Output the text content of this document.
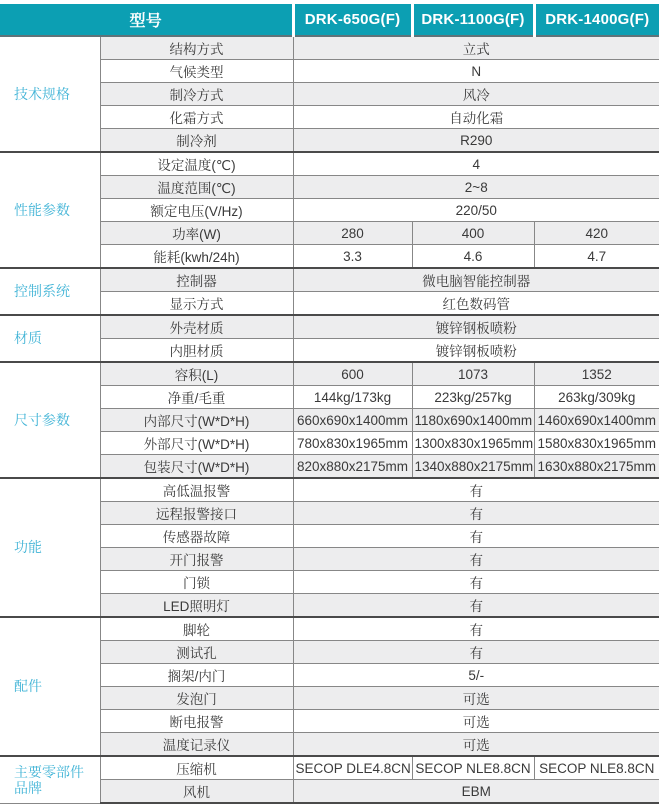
型号		DRK-650G(F)	DRK-1100G(F)	DRK-1400G(F)
技术规格	结构方式	立式		
	气候类型	N		
	制冷方式	风冷		
	化霜方式	自动化霜		
	制冷剂	R290		
性能参数	设定温度(℃)	4		
	温度范围(℃)	2~8		
	额定电压(V/Hz)	220/50		
	功率(W)	280	400	420
	能耗(kwh/24h)	3.3	4.6	4.7
控制系统	控制器	微电脑智能控制器		
	显示方式	红色数码管		
材质	外壳材质	镀锌钢板喷粉		
	内胆材质	镀锌钢板喷粉		
尺寸参数	容积(L)	600	1073	1352
	净重/毛重	144kg/173kg	223kg/257kg	263kg/309kg
	内部尺寸(W*D*H)	660x690x1400mm	1180x690x1400mm	1460x690x1400mm
	外部尺寸(W*D*H)	780x830x1965mm	1300x830x1965mm	1580x830x1965mm
	包装尺寸(W*D*H)	820x880x2175mm	1340x880x2175mm	1630x880x2175mm
功能	高低温报警	有		
	远程报警接口	有		
	传感器故障	有		
	开门报警	有		
	门锁	有		
	LED照明灯	有		
配件	脚轮	有		
	测试孔	有		
	搁架/内门	5/-		
	发泡门	可选		
	断电报警	可选		
	温度记录仪	可选		
主要零部件品牌	压缩机	SECOP DLE4.8CN	SECOP NLE8.8CN	SECOP NLE8.8CN
	风机	EBM		
